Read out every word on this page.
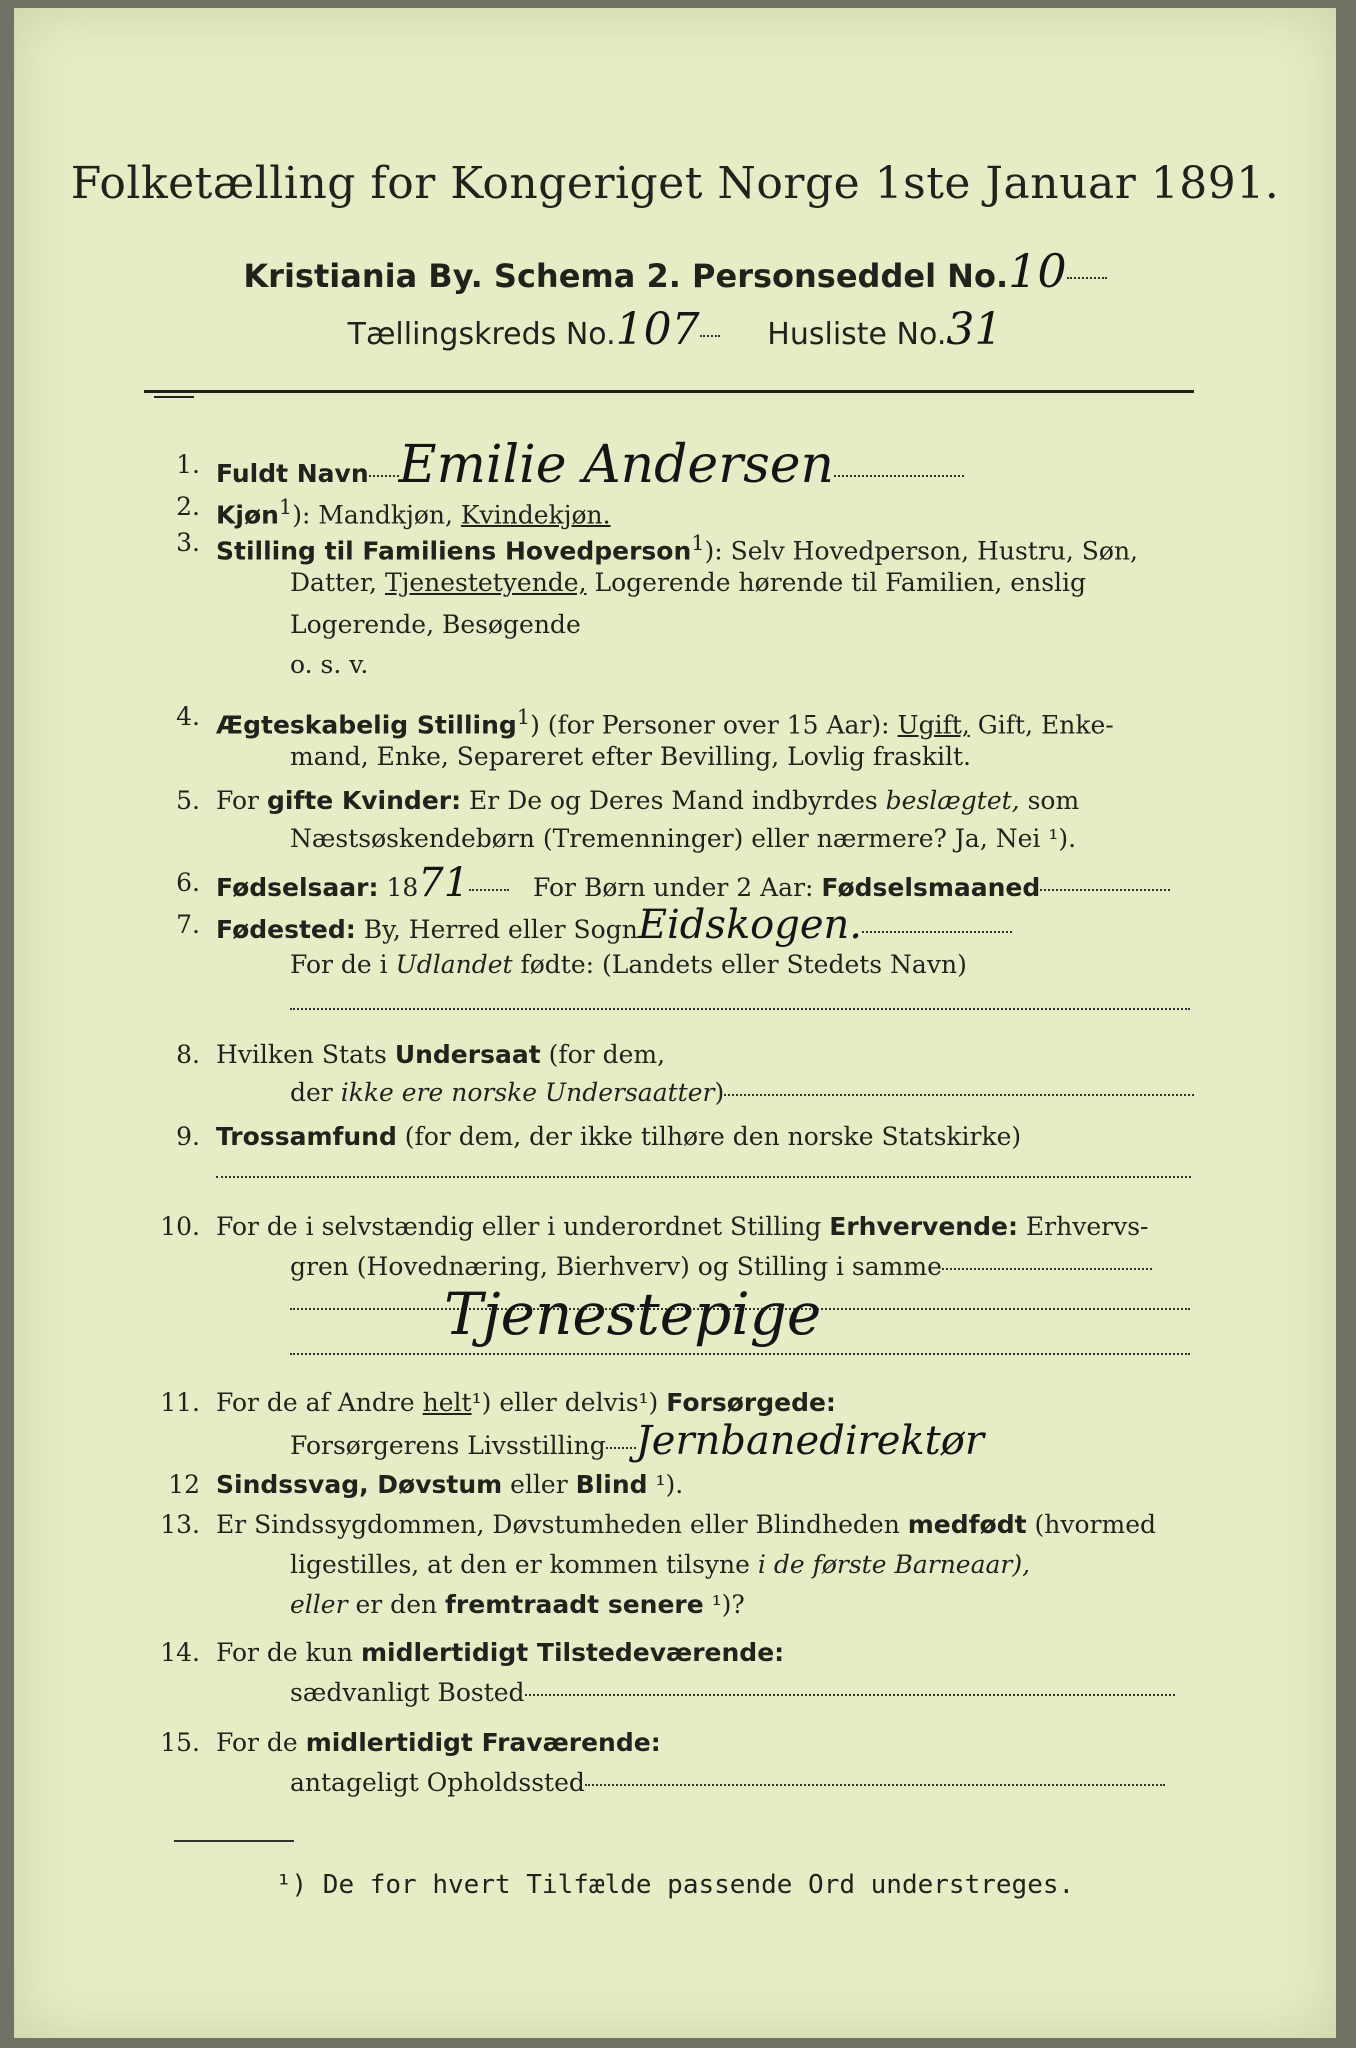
Folketælling for Kongeriget Norge 1ste Januar 1891.
Kristiania By. Schema 2. Personseddel No.10
Tællingskreds No.107 Husliste No.31
1. Fuldt Navn Emilie Andersen
2. Kjøn$^1$): Mandkjøn, Kvindekjøn.
3. Stilling til Familiens Hovedperson$^1$): Selv Hovedperson, Hustru, Søn,
Datter, Tjenestetyende, Logerende hørende til Familien, enslig
Logerende, Besøgende
o. s. v.
4. Ægteskabelig Stilling$^1$) (for Personer over 15 Aar): Ugift, Gift, Enke-
mand, Enke, Separeret efter Bevilling, Lovlig fraskilt.
5. For gifte Kvinder: Er De og Deres Mand indbyrdes beslægtet, som
Næstsøskendebørn (Tremenninger) eller nærmere? Ja, Nei ¹).
6. Fødselsaar: 1871	For Børn under 2 Aar: Fødselsmaaned
7. Fødested: By, Herred eller SognEidskogen.
For de i Udlandet fødte: (Landets eller Stedets Navn)
8. Hvilken Stats Undersaat (for dem,
der ikke ere norske Undersaatter)
9. Trossamfund (for dem, der ikke tilhøre den norske Statskirke)
10. For de i selvstændig eller i underordnet Stilling Erhvervende: Erhvervs-
gren (Hovednæring, Bierhverv) og Stilling i samme
Tjenestepige
11. For de af Andre helt¹) eller delvis¹) Forsørgede:
Forsørgerens Livsstilling Jernbanedirektør
12 Sindssvag, Døvstum eller Blind ¹).
13. Er Sindssygdommen, Døvstumheden eller Blindheden medfødt (hvormed
ligestilles, at den er kommen tilsyne i de første Barneaar),
eller er den fremtraadt senere ¹)?
14. For de kun midlertidigt Tilstedeværende:
sædvanligt Bosted
15. For de midlertidigt Fraværende:
antageligt Opholdssted
¹) De for hvert Tilfælde passende Ord understreges.
